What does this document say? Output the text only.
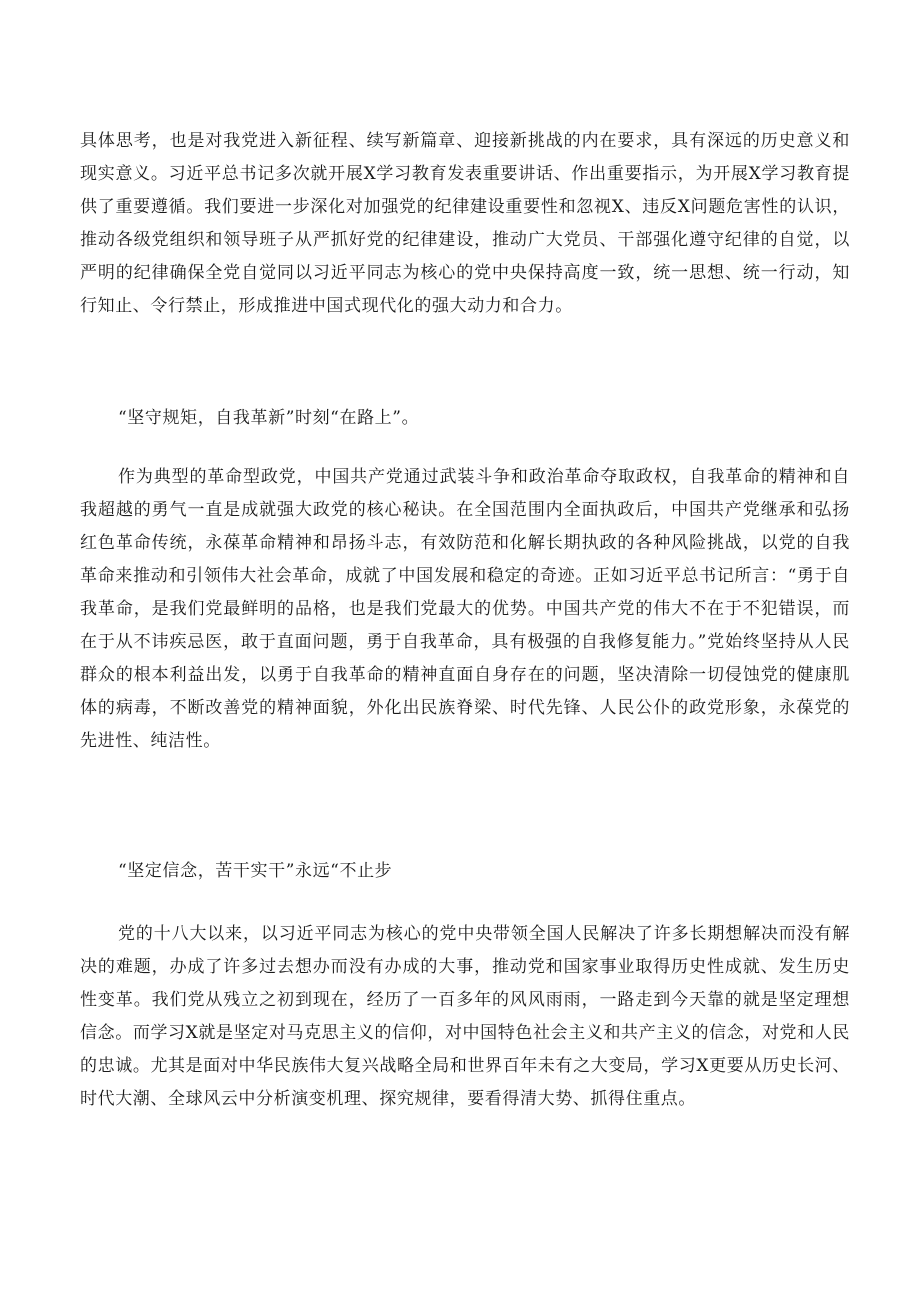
具体思考，也是对我党进入新征程、续写新篇章、迎接新挑战的内在要求，具有深远的历史意义和现实意义。习近平总书记多次就开展X学习教育发表重要讲话、作出重要指示，为开展X学习教育提供了重要遵循。我们要进一步深化对加强党的纪律建设重要性和忽视X、违反X问题危害性的认识，推动各级党组织和领导班子从严抓好党的纪律建设，推动广大党员、干部强化遵守纪律的自觉，以严明的纪律确保全党自觉同以习近平同志为核心的党中央保持高度一致，统一思想、统一行动，知行知止、令行禁止，形成推进中国式现代化的强大动力和合力。

“坚守规矩，自我革新”时刻“在路上”。

作为典型的革命型政党，中国共产党通过武装斗争和政治革命夺取政权，自我革命的精神和自我超越的勇气一直是成就强大政党的核心秘诀。在全国范围内全面执政后，中国共产党继承和弘扬红色革命传统，永葆革命精神和昂扬斗志，有效防范和化解长期执政的各种风险挑战，以党的自我革命来推动和引领伟大社会革命，成就了中国发展和稳定的奇迹。正如习近平总书记所言：“勇于自我革命，是我们党最鲜明的品格，也是我们党最大的优势。中国共产党的伟大不在于不犯错误，而在于从不讳疾忌医，敢于直面问题，勇于自我革命，具有极强的自我修复能力。”党始终坚持从人民群众的根本利益出发，以勇于自我革命的精神直面自身存在的问题，坚决清除一切侵蚀党的健康肌体的病毒，不断改善党的精神面貌，外化出民族脊梁、时代先锋、人民公仆的政党形象，永葆党的先进性、纯洁性。

“坚定信念，苦干实干”永远“不止步

党的十八大以来，以习近平同志为核心的党中央带领全国人民解决了许多长期想解决而没有解决的难题，办成了许多过去想办而没有办成的大事，推动党和国家事业取得历史性成就、发生历史性变革。我们党从残立之初到现在，经历了一百多年的风风雨雨，一路走到今天靠的就是坚定理想信念。而学习X就是坚定对马克思主义的信仰，对中国特色社会主义和共产主义的信念，对党和人民的忠诚。尤其是面对中华民族伟大复兴战略全局和世界百年未有之大变局，学习X更要从历史长河、时代大潮、全球风云中分析演变机理、探究规律，要看得清大势、抓得住重点。
